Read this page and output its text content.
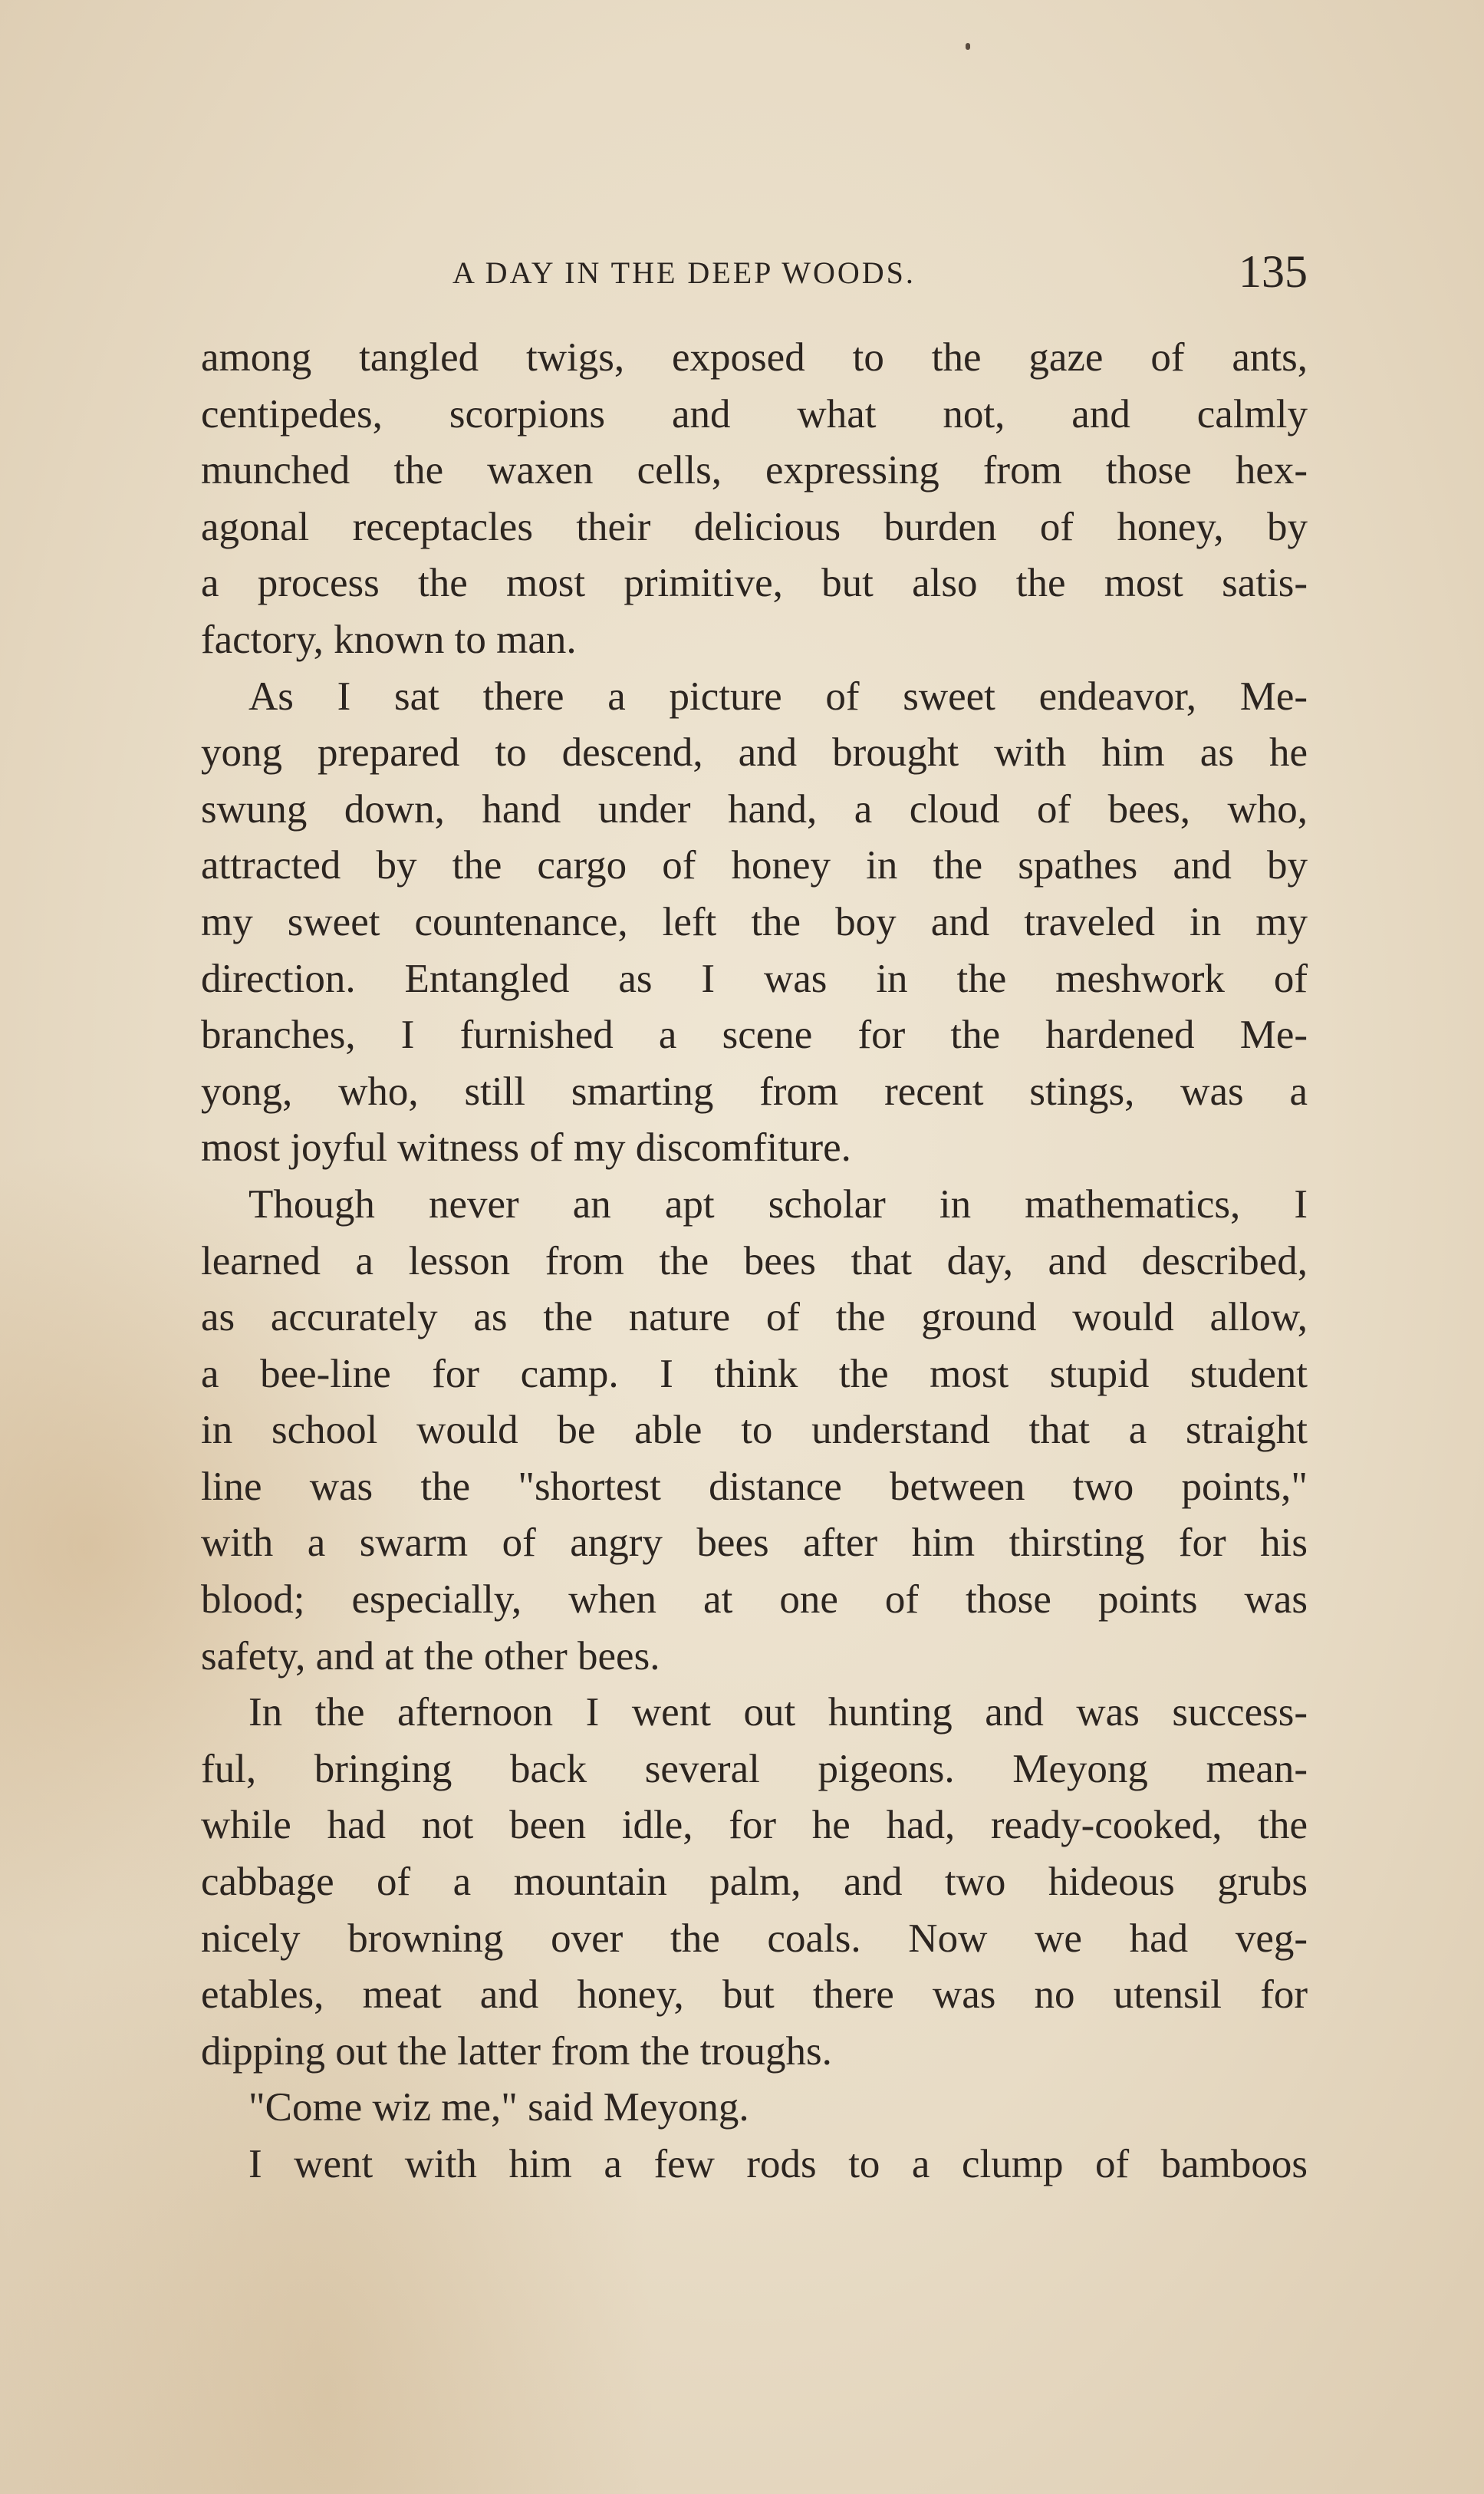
A DAY IN THE DEEP WOODS.	135
among tangled twigs, exposed to the gaze of ants,
centipedes, scorpions and what not, and calmly
munched the waxen cells, expressing from those hex-
agonal receptacles their delicious burden of honey, by
a process the most primitive, but also the most satis-
factory, known to man.
As I sat there a picture of sweet endeavor, Me-
yong prepared to descend, and brought with him as he
swung down, hand under hand, a cloud of bees, who,
attracted by the cargo of honey in the spathes and by
my sweet countenance, left the boy and traveled in my
direction. Entangled as I was in the meshwork of
branches, I furnished a scene for the hardened Me-
yong, who, still smarting from recent stings, was a
most joyful witness of my discomfiture.
Though never an apt scholar in mathematics, I
learned a lesson from the bees that day, and described,
as accurately as the nature of the ground would allow,
a bee-line for camp. I think the most stupid student
in school would be able to understand that a straight
line was the "shortest distance between two points,"
with a swarm of angry bees after him thirsting for his
blood; especially, when at one of those points was
safety, and at the other bees.
In the afternoon I went out hunting and was success-
ful, bringing back several pigeons. Meyong mean-
while had not been idle, for he had, ready-cooked, the
cabbage of a mountain palm, and two hideous grubs
nicely browning over the coals. Now we had veg-
etables, meat and honey, but there was no utensil for
dipping out the latter from the troughs.
"Come wiz me," said Meyong.
I went with him a few rods to a clump of bamboos
